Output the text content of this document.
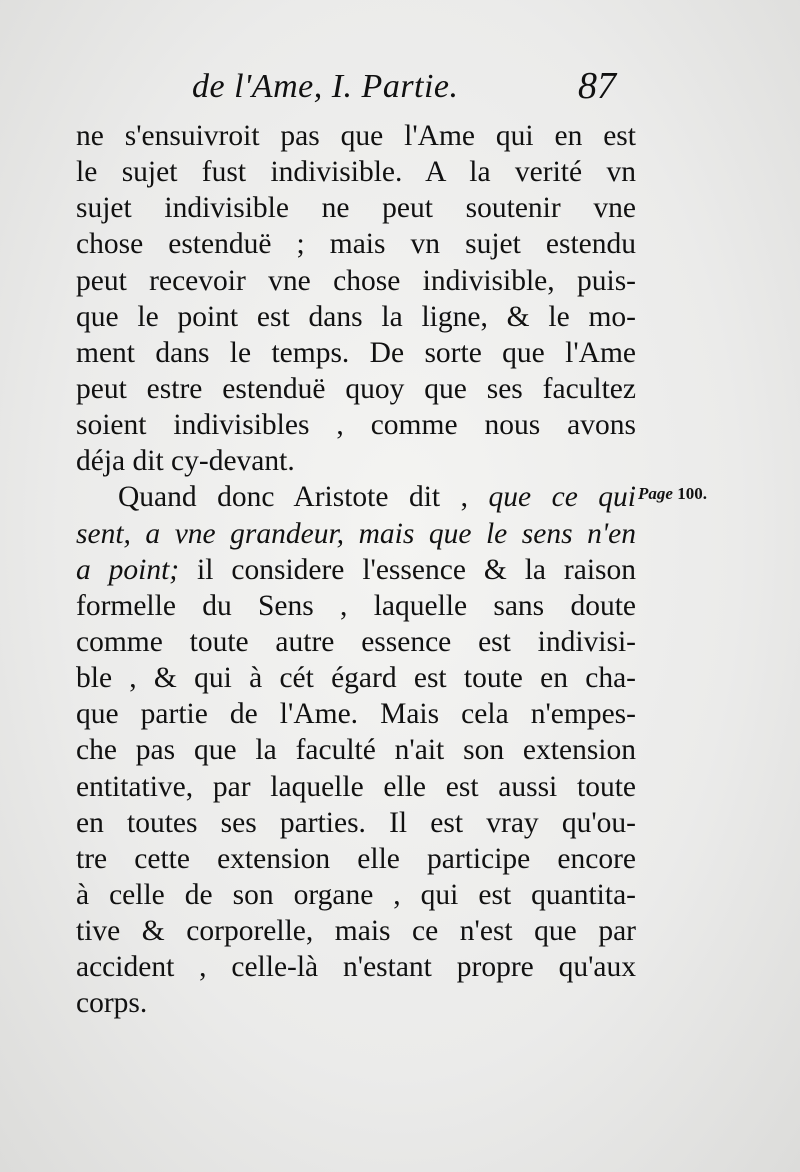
de l'Ame, I. Partie.	87
ne s'ensuivroit pas que l'Ame qui en est
le sujet fust indivisible. A la verité vn
sujet indivisible ne peut soutenir vne
chose estenduë ; mais vn sujet estendu
peut recevoir vne chose indivisible, puis-
que le point est dans la ligne, & le mo-
ment dans le temps. De sorte que l'Ame
peut estre estenduë quoy que ses facultez
soient indivisibles , comme nous avons
déja dit cy-devant.
Quand donc Aristote dit , que ce qui
sent, a vne grandeur, mais que le sens n'en
a point; il considere l'essence & la raison
formelle du Sens , laquelle sans doute
comme toute autre essence est indivisi-
ble , & qui à cét égard est toute en cha-
que partie de l'Ame. Mais cela n'empes-
che pas que la faculté n'ait son extension
entitative, par laquelle elle est aussi toute
en toutes ses parties. Il est vray qu'ou-
tre cette extension elle participe encore
à celle de son organe , qui est quantita-
tive & corporelle, mais ce n'est que par
accident , celle-là n'estant propre qu'aux
corps.
Page 100.
